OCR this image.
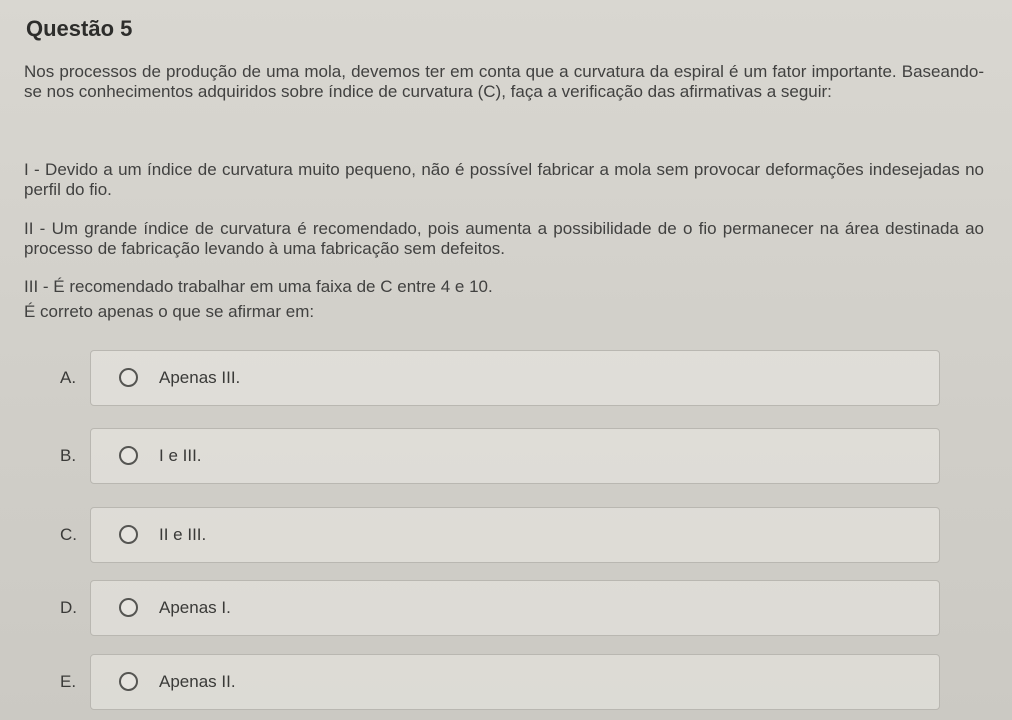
Questão 5
Nos processos de produção de uma mola, devemos ter em conta que a curvatura da espiral é um fator importante. Baseando-se nos conhecimentos adquiridos sobre índice de curvatura (C), faça a verificação das afirmativas a seguir:
I - Devido a um índice de curvatura muito pequeno, não é possível fabricar a mola sem provocar deformações indesejadas no perfil do fio.
II - Um grande índice de curvatura é recomendado, pois aumenta a possibilidade de o fio permanecer na área destinada ao processo de fabricação levando à uma fabricação sem defeitos.
III - É recomendado trabalhar em uma faixa de C entre 4 e 10.
É correto apenas o que se afirmar em:
A.	Apenas III.
B.	I e III.
C.	II e III.
D.	Apenas I.
E.	Apenas II.
